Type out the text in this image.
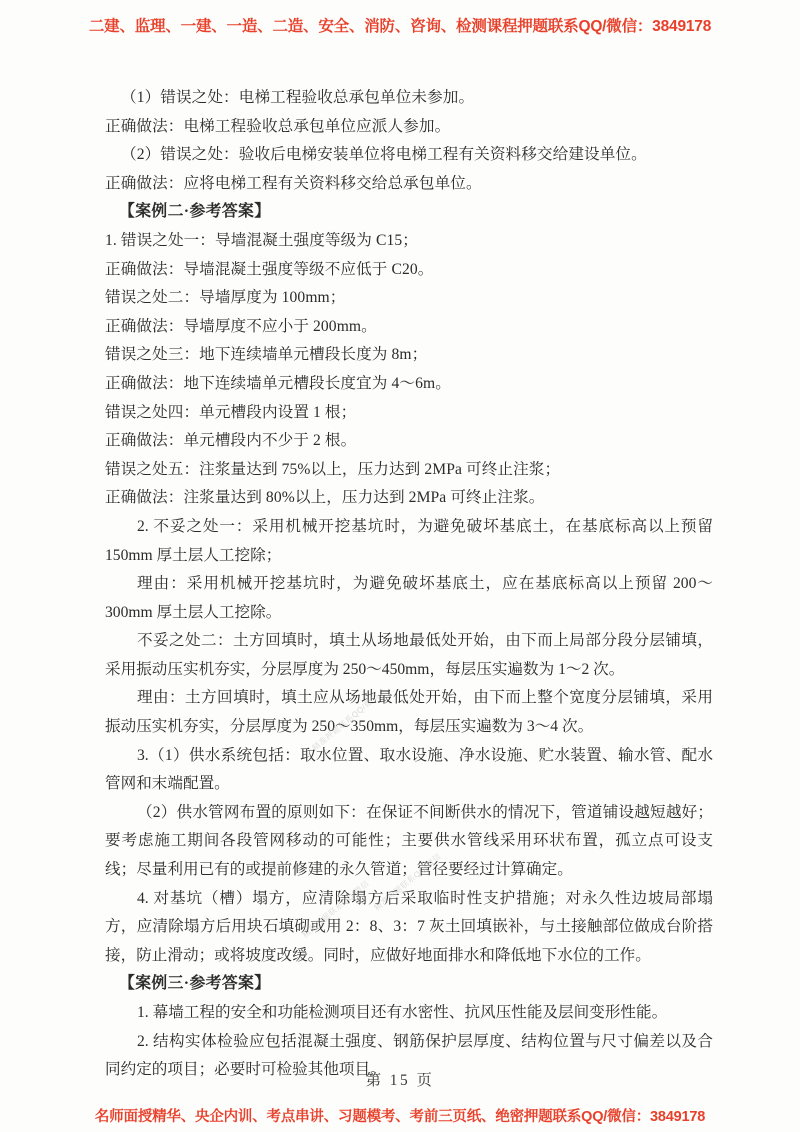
二建、监理、一建、一造、二造、安全、消防、咨询、检测课程押题联系QQ/微信：3849178
（1）错误之处：电梯工程验收总承包单位未参加。
正确做法：电梯工程验收总承包单位应派人参加。
（2）错误之处：验收后电梯安装单位将电梯工程有关资料移交给建设单位。
正确做法：应将电梯工程有关资料移交给总承包单位。
【案例二·参考答案】
1. 错误之处一：导墙混凝土强度等级为 C15；
正确做法：导墙混凝土强度等级不应低于 C20。
错误之处二：导墙厚度为 100mm；
正确做法：导墙厚度不应小于 200mm。
错误之处三：地下连续墙单元槽段长度为 8m；
正确做法：地下连续墙单元槽段长度宜为 4～6m。
错误之处四：单元槽段内设置 1 根；
正确做法：单元槽段内不少于 2 根。
错误之处五：注浆量达到 75%以上，压力达到 2MPa 可终止注浆；
正确做法：注浆量达到 80%以上，压力达到 2MPa 可终止注浆。

2. 不妥之处一：采用机械开挖基坑时，为避免破坏基底土，在基底标高以上预留 150mm 厚土层人工挖除；

理由：采用机械开挖基坑时，为避免破坏基底土，应在基底标高以上预留 200～300mm 厚土层人工挖除。

不妥之处二：土方回填时，填土从场地最低处开始，由下而上局部分段分层铺填，采用振动压实机夯实，分层厚度为 250～450mm，每层压实遍数为 1～2 次。

理由：土方回填时，填土应从场地最低处开始，由下而上整个宽度分层铺填，采用振动压实机夯实，分层厚度为 250～350mm，每层压实遍数为 3～4 次。

3.（1）供水系统包括：取水位置、取水设施、净水设施、贮水装置、输水管、配水管网和末端配置。

（2）供水管网布置的原则如下：在保证不间断供水的情况下，管道铺设越短越好；要考虑施工期间各段管网移动的可能性；主要供水管线采用环状布置，孤立点可设支线；尽量利用已有的或提前修建的永久管道；管径要经过计算确定。

4. 对基坑（槽）塌方，应清除塌方后采取临时性支护措施；对永久性边坡局部塌方，应清除塌方后用块石填砌或用 2：8、3：7 灰土回填嵌补，与土接触部位做成台阶搭接，防止滑动；或将坡度改缓。同时，应做好地面排水和降低地下水位的工作。

【案例三·参考答案】

1. 幕墙工程的安全和功能检测项目还有水密性、抗风压性能及层间变形性能。

2. 结构实体检验应包括混凝土强度、钢筋保护层厚度、结构位置与尺寸偏差以及合同约定的项目；必要时可检验其他项目。

精准押题联系QQ/微信
精准押题联系QQ/微信
精准押题联系QQ/微信
第 15 页
名师面授精华、央企内训、考点串讲、习题模考、考前三页纸、绝密押题联系QQ/微信：3849178
